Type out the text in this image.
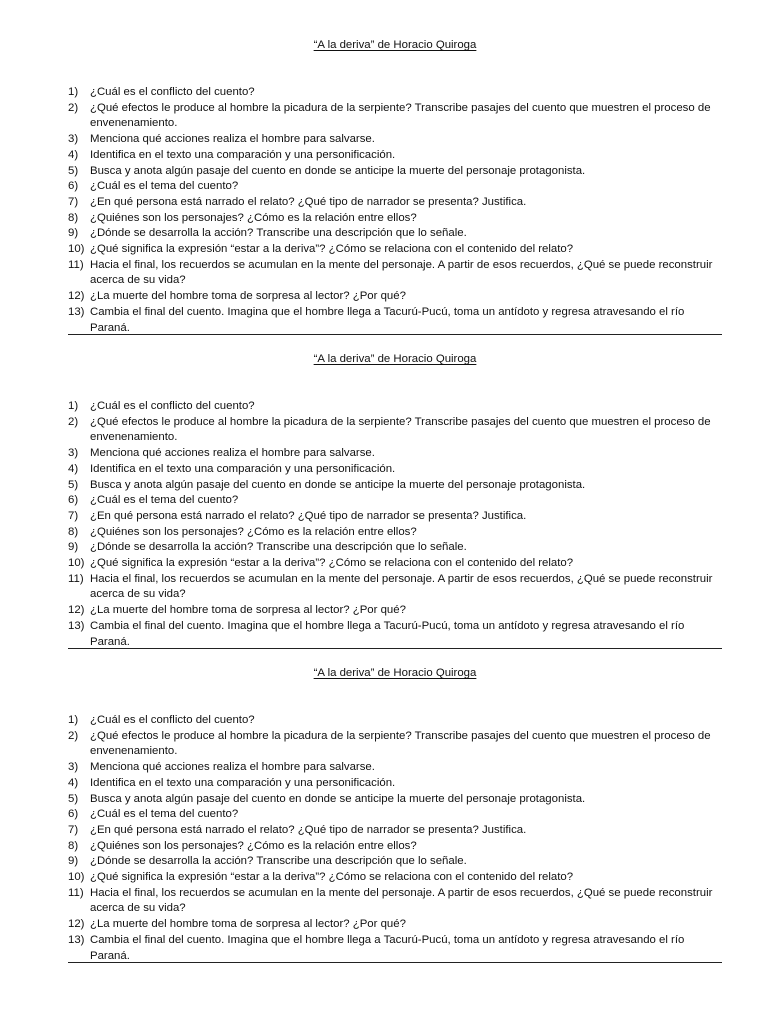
“A la deriva” de Horacio Quiroga
1)	¿Cuál es el conflicto del cuento?
2)	¿Qué efectos le produce al hombre la picadura de la serpiente? Transcribe pasajes del cuento que muestren el proceso de envenenamiento.
3)	Menciona qué acciones realiza el hombre para salvarse.
4)	Identifica en el texto una comparación y una personificación.
5)	Busca y anota algún pasaje del cuento en donde se anticipe la muerte del personaje protagonista.
6)	¿Cuál es el tema del cuento?
7)	¿En qué persona está narrado el relato? ¿Qué tipo de narrador se presenta? Justifica.
8)	¿Quiénes son los personajes? ¿Cómo es la relación entre ellos?
9)	¿Dónde se desarrolla la acción? Transcribe una descripción que lo señale.
10) ¿Qué significa la expresión “estar a la deriva”? ¿Cómo se relaciona con el contenido del relato?
11) Hacia el final, los recuerdos se acumulan en la mente del personaje. A partir de esos recuerdos, ¿Qué se puede reconstruir acerca de su vida?
12) ¿La muerte del hombre toma de sorpresa al lector? ¿Por qué?
13) Cambia el final del cuento. Imagina que el hombre llega a Tacurú-Pucú, toma un antídoto y regresa atravesando el río Paraná.
“A la deriva” de Horacio Quiroga
1)	¿Cuál es el conflicto del cuento?
2)	¿Qué efectos le produce al hombre la picadura de la serpiente? Transcribe pasajes del cuento que muestren el proceso de envenenamiento.
3)	Menciona qué acciones realiza el hombre para salvarse.
4)	Identifica en el texto una comparación y una personificación.
5)	Busca y anota algún pasaje del cuento en donde se anticipe la muerte del personaje protagonista.
6)	¿Cuál es el tema del cuento?
7)	¿En qué persona está narrado el relato? ¿Qué tipo de narrador se presenta? Justifica.
8)	¿Quiénes son los personajes? ¿Cómo es la relación entre ellos?
9)	¿Dónde se desarrolla la acción? Transcribe una descripción que lo señale.
10) ¿Qué significa la expresión “estar a la deriva”? ¿Cómo se relaciona con el contenido del relato?
11) Hacia el final, los recuerdos se acumulan en la mente del personaje. A partir de esos recuerdos, ¿Qué se puede reconstruir acerca de su vida?
12) ¿La muerte del hombre toma de sorpresa al lector? ¿Por qué?
13) Cambia el final del cuento. Imagina que el hombre llega a Tacurú-Pucú, toma un antídoto y regresa atravesando el río Paraná.
“A la deriva” de Horacio Quiroga
1)	¿Cuál es el conflicto del cuento?
2)	¿Qué efectos le produce al hombre la picadura de la serpiente? Transcribe pasajes del cuento que muestren el proceso de envenenamiento.
3)	Menciona qué acciones realiza el hombre para salvarse.
4)	Identifica en el texto una comparación y una personificación.
5)	Busca y anota algún pasaje del cuento en donde se anticipe la muerte del personaje protagonista.
6)	¿Cuál es el tema del cuento?
7)	¿En qué persona está narrado el relato? ¿Qué tipo de narrador se presenta? Justifica.
8)	¿Quiénes son los personajes? ¿Cómo es la relación entre ellos?
9)	¿Dónde se desarrolla la acción? Transcribe una descripción que lo señale.
10) ¿Qué significa la expresión “estar a la deriva”? ¿Cómo se relaciona con el contenido del relato?
11) Hacia el final, los recuerdos se acumulan en la mente del personaje. A partir de esos recuerdos, ¿Qué se puede reconstruir acerca de su vida?
12) ¿La muerte del hombre toma de sorpresa al lector? ¿Por qué?
13) Cambia el final del cuento. Imagina que el hombre llega a Tacurú-Pucú, toma un antídoto y regresa atravesando el río Paraná.
